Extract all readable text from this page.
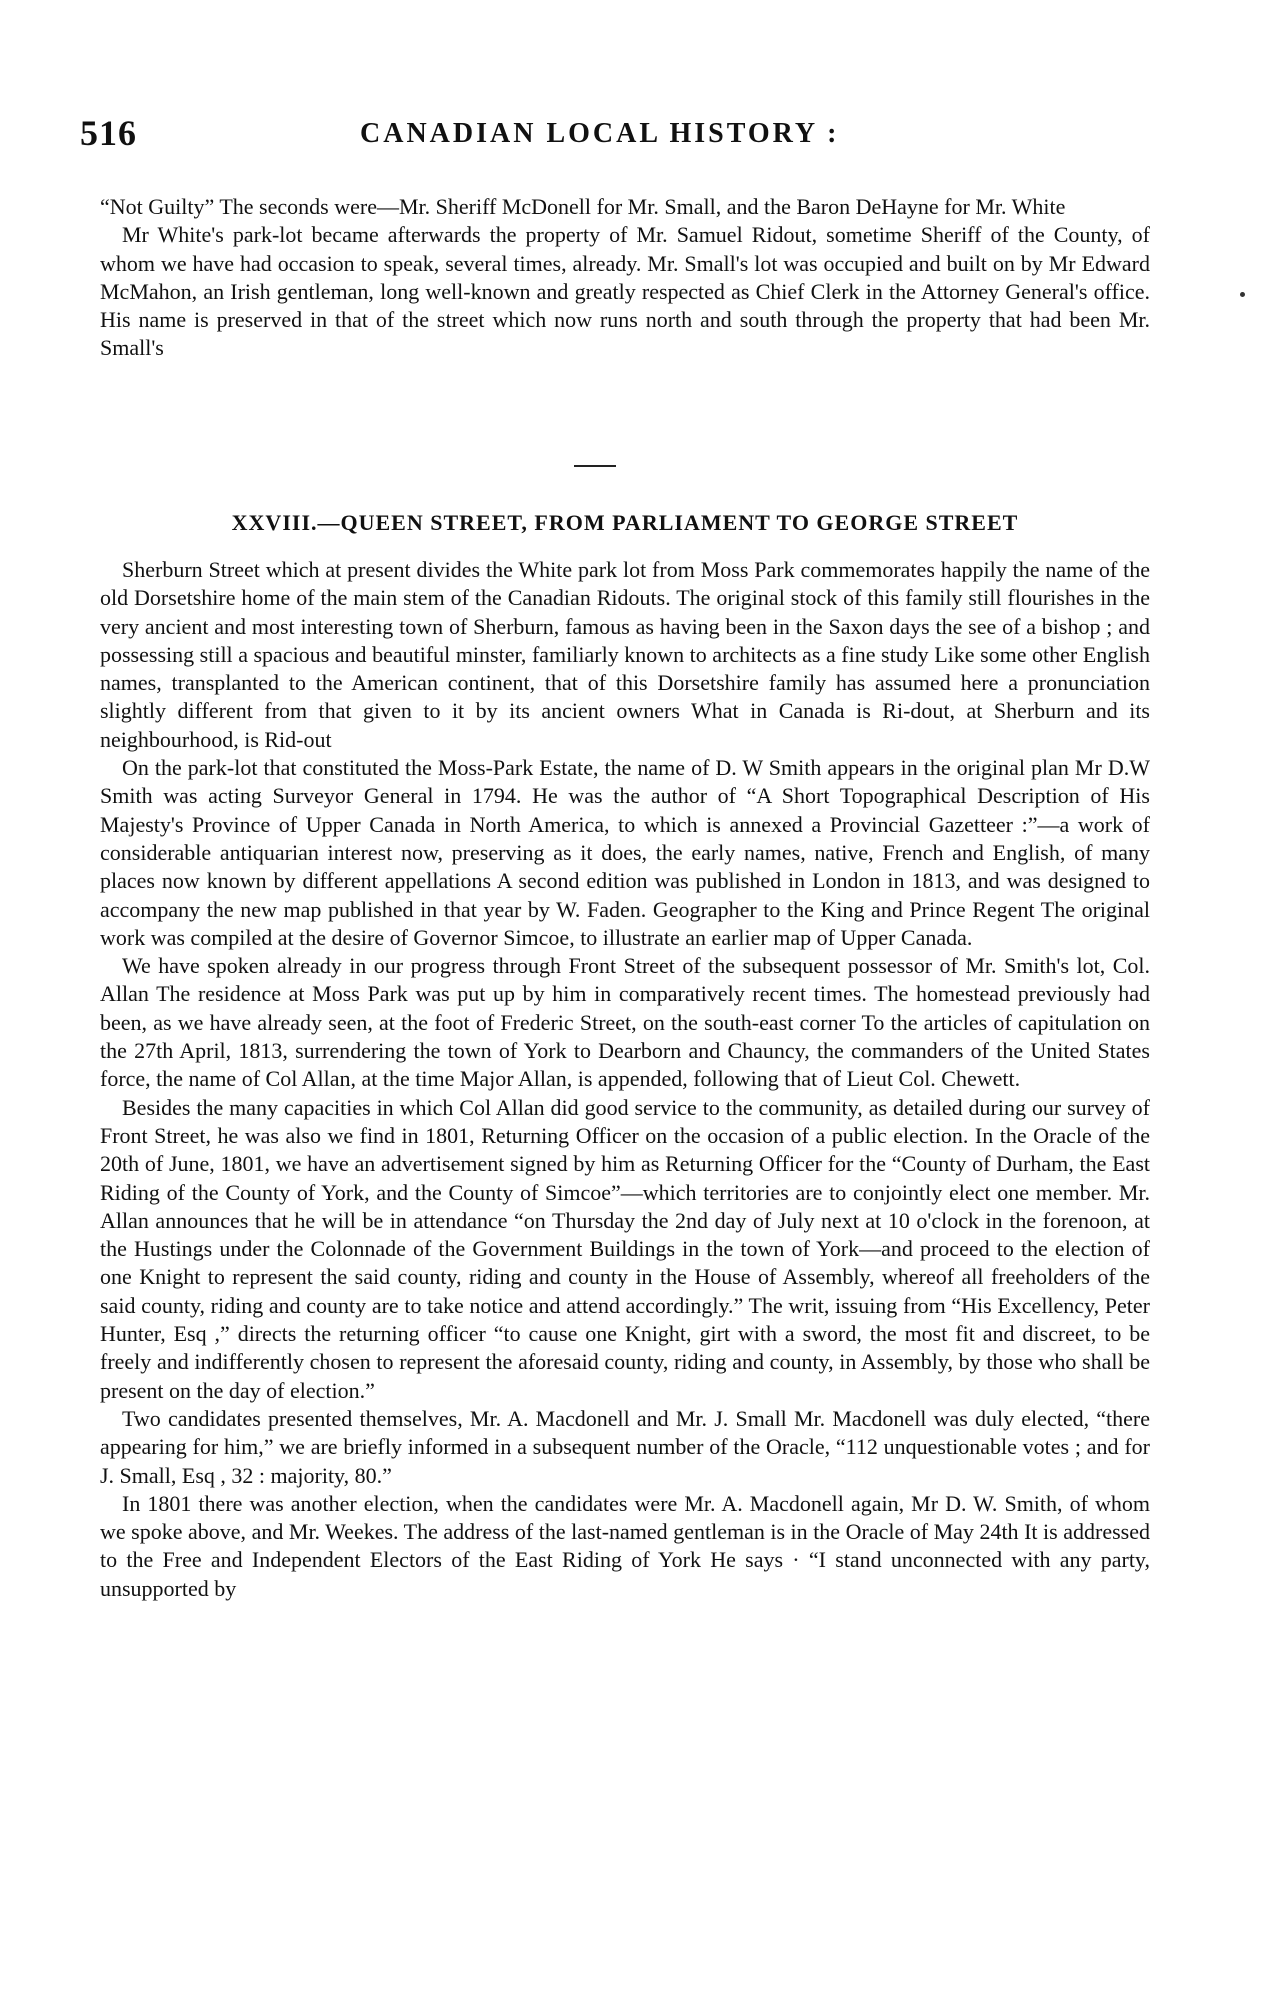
516	CANADIAN LOCAL HISTORY :

“Not Guilty” The seconds were—Mr. Sheriff McDonell for Mr. Small, and the Baron DeHayne for Mr. White

Mr White's park-lot became afterwards the property of Mr. Samuel Ridout, sometime Sheriff of the County, of whom we have had occasion to speak, several times, already. Mr. Small's lot was occupied and built on by Mr Edward McMahon, an Irish gentleman, long well-known and greatly respected as Chief Clerk in the Attorney General's office. His name is preserved in that of the street which now runs north and south through the property that had been Mr. Small's

XXVIII.—QUEEN STREET, FROM PARLIAMENT TO GEORGE STREET

Sherburn Street which at present divides the White park lot from Moss Park commemorates happily the name of the old Dorsetshire home of the main stem of the Canadian Ridouts. The original stock of this family still flourishes in the very ancient and most interesting town of Sherburn, famous as having been in the Saxon days the see of a bishop ; and possessing still a spacious and beautiful minster, familiarly known to architects as a fine study Like some other English names, transplanted to the American continent, that of this Dorsetshire family has assumed here a pronunciation slightly different from that given to it by its ancient owners What in Canada is Ri-dout, at Sherburn and its neighbourhood, is Rid-out

On the park-lot that constituted the Moss-Park Estate, the name of D. W Smith appears in the original plan Mr D.W Smith was acting Surveyor General in 1794. He was the author of “A Short Topographical Description of His Majesty's Province of Upper Canada in North America, to which is annexed a Provincial Gazetteer :”—a work of considerable antiquarian interest now, preserving as it does, the early names, native, French and English, of many places now known by different appellations A second edition was published in London in 1813, and was designed to accompany the new map published in that year by W. Faden. Geographer to the King and Prince Regent The original work was compiled at the desire of Governor Simcoe, to illustrate an earlier map of Upper Canada.

We have spoken already in our progress through Front Street of the subsequent possessor of Mr. Smith's lot, Col. Allan The residence at Moss Park was put up by him in comparatively recent times. The homestead previously had been, as we have already seen, at the foot of Frederic Street, on the south-east corner To the articles of capitulation on the 27th April, 1813, surrendering the town of York to Dearborn and Chauncy, the commanders of the United States force, the name of Col Allan, at the time Major Allan, is appended, following that of Lieut Col. Chewett.

Besides the many capacities in which Col Allan did good service to the community, as detailed during our survey of Front Street, he was also we find in 1801, Returning Officer on the occasion of a public election. In the Oracle of the 20th of June, 1801, we have an advertisement signed by him as Returning Officer for the “County of Durham, the East Riding of the County of York, and the County of Simcoe”—which territories are to conjointly elect one member. Mr. Allan announces that he will be in attendance “on Thursday the 2nd day of July next at 10 o'clock in the forenoon, at the Hustings under the Colonnade of the Government Buildings in the town of York—and proceed to the election of one Knight to represent the said county, riding and county in the House of Assembly, whereof all freeholders of the said county, riding and county are to take notice and attend accordingly.” The writ, issuing from “His Excellency, Peter Hunter, Esq ,” directs the returning officer “to cause one Knight, girt with a sword, the most fit and discreet, to be freely and indifferently chosen to represent the aforesaid county, riding and county, in Assembly, by those who shall be present on the day of election.”

Two candidates presented themselves, Mr. A. Macdonell and Mr. J. Small Mr. Macdonell was duly elected, “there appearing for him,” we are briefly informed in a subsequent number of the Oracle, “112 unquestionable votes ; and for J. Small, Esq , 32 : majority, 80.”

In 1801 there was another election, when the candidates were Mr. A. Macdonell again, Mr D. W. Smith, of whom we spoke above, and Mr. Weekes. The address of the last-named gentleman is in the Oracle of May 24th It is addressed to the Free and Independent Electors of the East Riding of York He says · “I stand unconnected with any party, unsupported by
